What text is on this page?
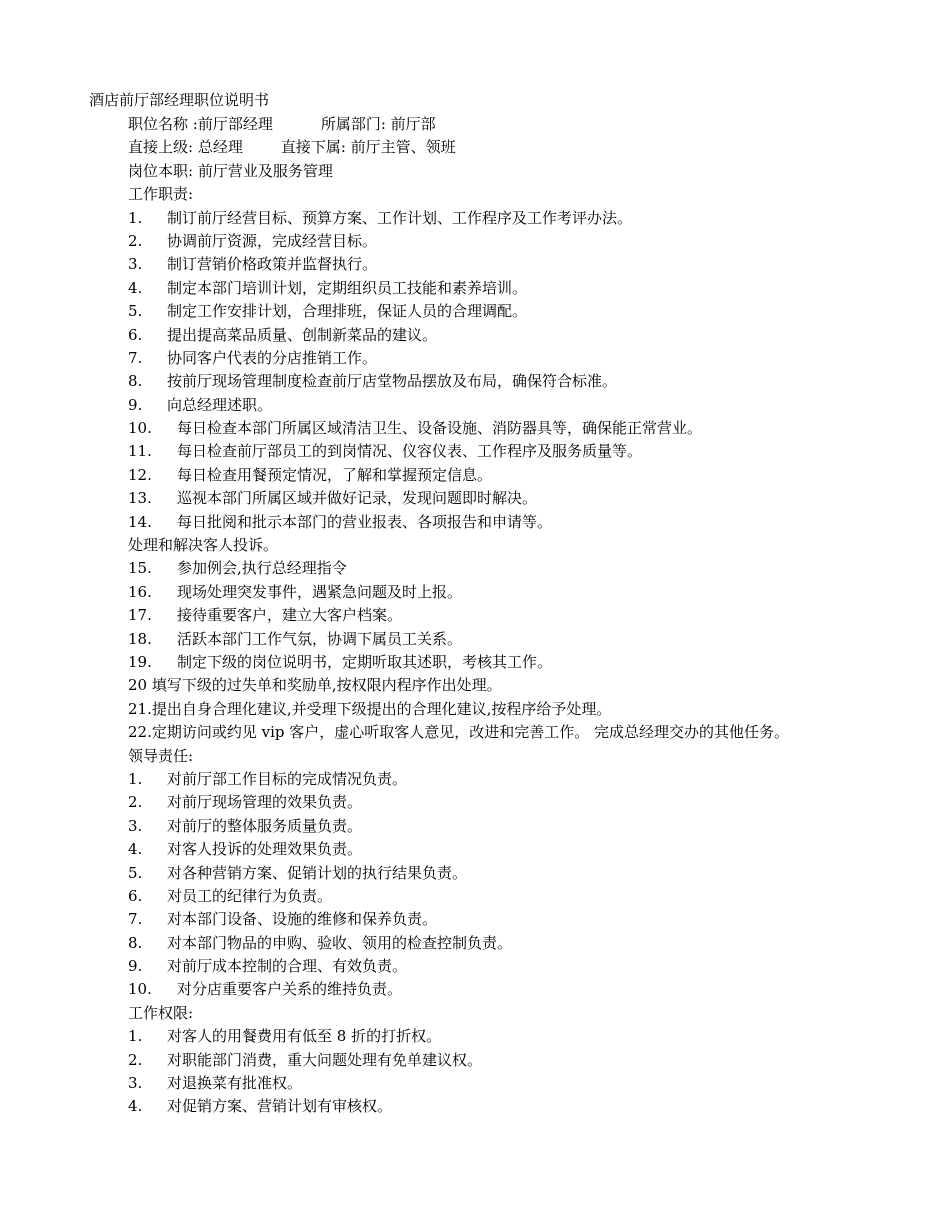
酒店前厅部经理职位说明书
职位名称 :前厅部经理	所属部门: 前厅部
直接上级: 总经理	直接下属: 前厅主管、领班
岗位本职: 前厅营业及服务管理
工作职责:
1. 制订前厅经营目标、预算方案、工作计划、工作程序及工作考评办法。
2. 协调前厅资源，完成经营目标。
3. 制订营销价格政策并监督执行。
4. 制定本部门培训计划，定期组织员工技能和素养培训。
5. 制定工作安排计划，合理排班，保证人员的合理调配。
6. 提出提高菜品质量、创制新菜品的建议。
7. 协同客户代表的分店推销工作。
8. 按前厅现场管理制度检查前厅店堂物品摆放及布局，确保符合标准。
9. 向总经理述职。
10. 每日检查本部门所属区域清洁卫生、设备设施、消防器具等，确保能正常营业。
11. 每日检查前厅部员工的到岗情况、仪容仪表、工作程序及服务质量等。
12. 每日检查用餐预定情况，了解和掌握预定信息。
13. 巡视本部门所属区域并做好记录，发现问题即时解决。
14. 每日批阅和批示本部门的营业报表、各项报告和申请等。
处理和解决客人投诉。
15. 参加例会,执行总经理指令
16. 现场处理突发事件，遇紧急问题及时上报。
17. 接待重要客户，建立大客户档案。
18. 活跃本部门工作气氛，协调下属员工关系。
19. 制定下级的岗位说明书，定期听取其述职，考核其工作。
20 填写下级的过失单和奖励单,按权限内程序作出处理。
21.提出自身合理化建议,并受理下级提出的合理化建议,按程序给予处理。
22.定期访问或约见 vip 客户，虚心听取客人意见，改进和完善工作。 完成总经理交办的其他任务。
领导责任:
1. 对前厅部工作目标的完成情况负责。
2. 对前厅现场管理的效果负责。
3. 对前厅的整体服务质量负责。
4. 对客人投诉的处理效果负责。
5. 对各种营销方案、促销计划的执行结果负责。
6. 对员工的纪律行为负责。
7. 对本部门设备、设施的维修和保养负责。
8. 对本部门物品的申购、验收、领用的检查控制负责。
9. 对前厅成本控制的合理、有效负责。
10. 对分店重要客户关系的维持负责。
工作权限:
1. 对客人的用餐费用有低至 8 折的打折权。
2. 对职能部门消费，重大问题处理有免单建议权。
3. 对退换菜有批准权。
4. 对促销方案、营销计划有审核权。
